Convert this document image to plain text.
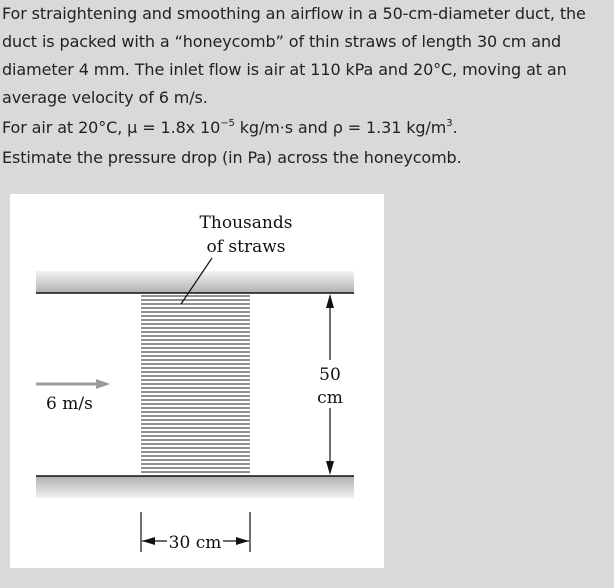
For straightening and smoothing an airflow in a 50-cm-diameter duct, the duct is packed with a “honeycomb” of thin straws of length 30 cm and diameter 4 mm. The inlet flow is air at 110 kPa and 20°C, moving at an average velocity of 6 m/s.

For air at 20°C, μ = 1.8x $10^{-5}$ kg/m·s and ρ = 1.31 $kg/m^3$.

Estimate the pressure drop (in Pa) across the honeycomb.

Thousands
of straws
6 m/s
50
cm
30 cm
